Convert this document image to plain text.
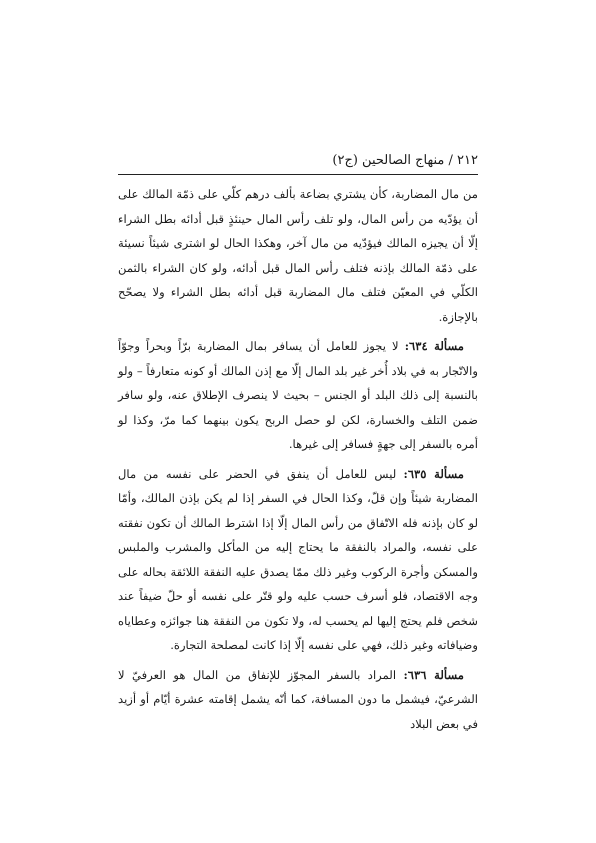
٢١٢ / منهاج الصالحين (ج٢)

من مال المضاربة، كأن يشتري بضاعة بألف درهم كلّي على ذمّة المالك على أن يؤدّيه من رأس المال، ولو تلف رأس المال حينئذٍ قبل أدائه بطل الشراء إلّا أن يجيزه المالك فيؤدّيه من مال آخر، وهكذا الحال لو اشترى شيئاً نسيئة على ذمّة المالك بإذنه فتلف رأس المال قبل أدائه، ولو كان الشراء بالثمن الكلّي في المعيّن فتلف مال المضاربة قبل أدائه بطل الشراء ولا يصحّح بالإجازة.

مسألة ٦٣٤: لا يجوز للعامل أن يسافر بمال المضاربة برّاً وبحراً وجوّاً والاتّجار به في بلاد أُخر غير بلد المال إلّا مع إذن المالك أو كونه متعارفاً – ولو بالنسبة إلى ذلك البلد أو الجنس – بحيث لا ينصرف الإطلاق عنه، ولو سافر ضمن التلف والخسارة، لكن لو حصل الربح يكون بينهما كما مرّ، وكذا لو أمره بالسفر إلى جهةٍ فسافر إلى غيرها.

مسألة ٦٣٥: ليس للعامل أن ينفق في الحضر على نفسه من مال المضاربة شيئاً وإن قلّ، وكذا الحال في السفر إذا لم يكن بإذن المالك، وأمّا لو كان بإذنه فله الاتّفاق من رأس المال إلّا إذا اشترط المالك أن تكون نفقته على نفسه، والمراد بالنفقة ما يحتاج إليه من المأكل والمشرب والملبس والمسكن وأجرة الركوب وغير ذلك ممّا يصدق عليه النفقة اللائقة بحاله على وجه الاقتصاد، فلو أسرف حسب عليه ولو قتّر على نفسه أو حلّ ضيفاً عند شخص فلم يحتج إليها لم يحسب له، ولا تكون من النفقة هنا جوائزه وعطاياه وضيافاته وغير ذلك، فهي على نفسه إلّا إذا كانت لمصلحة التجارة.

مسألة ٦٣٦: المراد بالسفر المجوّز للإنفاق من المال هو العرفيّ لا الشرعيّ، فيشمل ما دون المسافة، كما أنّه يشمل إقامته عشرة أيّام أو أزيد في بعض البلاد
